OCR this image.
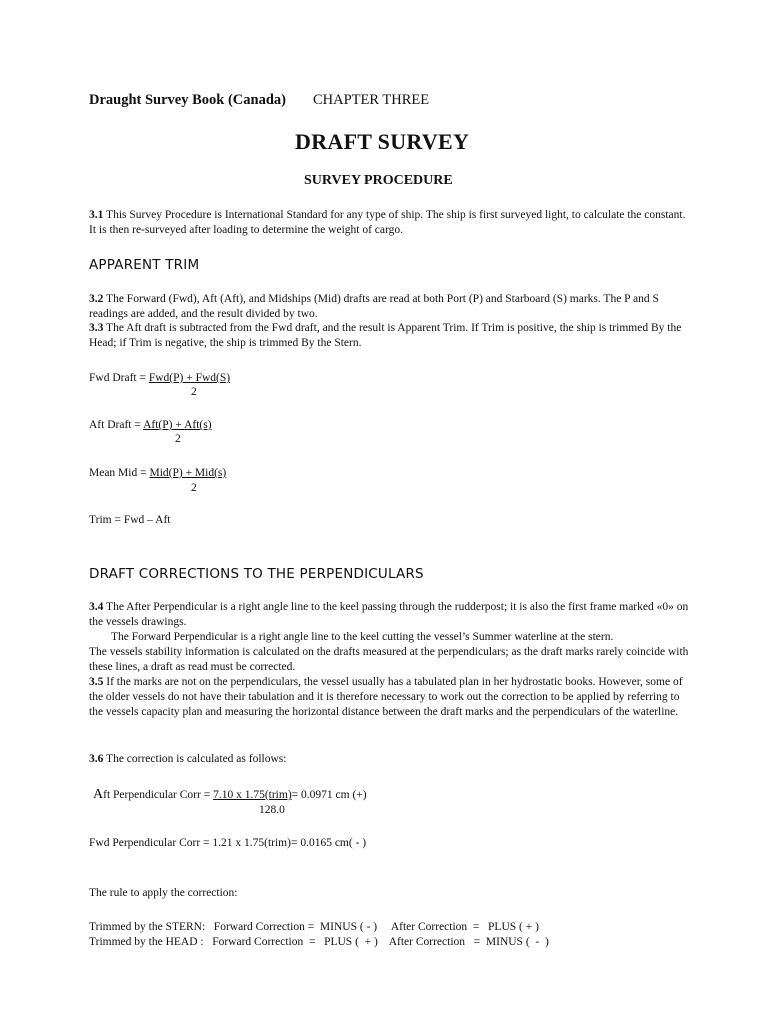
Draught Survey Book (Canada) CHAPTER THREE
DRAFT SURVEY
SURVEY PROCEDURE
3.1 This Survey Procedure is International Standard for any type of ship. The ship is first surveyed light, to calculate the constant. It is then re-surveyed after loading to determine the weight of cargo.
APPARENT TRIM
3.2 The Forward (Fwd), Aft (Aft), and Midships (Mid) drafts are read at both Port (P) and Starboard (S) marks. The P and S readings are added, and the result divided by two.
3.3 The Aft draft is subtracted from the Fwd draft, and the result is Apparent Trim. If Trim is positive, the ship is trimmed By the Head; if Trim is negative, the ship is trimmed By the Stern.
Fwd Draft = Fwd(P) + Fwd(S)
2
Aft Draft = Aft(P) + Aft(s)
2
Mean Mid = Mid(P) + Mid(s)
2
Trim = Fwd – Aft
DRAFT CORRECTIONS TO THE PERPENDICULARS
3.4 The After Perpendicular is a right angle line to the keel passing through the rudderpost; it is also the first frame marked «0» on the vessels drawings.
The Forward Perpendicular is a right angle line to the keel cutting the vessel’s Summer waterline at the stern.
The vessels stability information is calculated on the drafts measured at the perpendiculars; as the draft marks rarely coincide with these lines, a draft as read must be corrected.
3.5 If the marks are not on the perpendiculars, the vessel usually has a tabulated plan in her hydrostatic books. However, some of the older vessels do not have their tabulation and it is therefore necessary to work out the correction to be applied by referring to the vessels capacity plan and measuring the horizontal distance between the draft marks and the perpendiculars of the waterline.
3.6 The correction is calculated as follows:
Aft Perpendicular Corr = 7.10 x 1.75(trim)= 0.0971 cm (+)
128.0
Fwd Perpendicular Corr = 1.21 x 1.75(trim)= 0.0165 cm( - )
The rule to apply the correction:
Trimmed by the STERN:   Forward Correction =  MINUS ( - )     After Correction  =   PLUS ( + )
Trimmed by the HEAD :   Forward Correction  =   PLUS (  + )    After Correction   =  MINUS (  -  )
